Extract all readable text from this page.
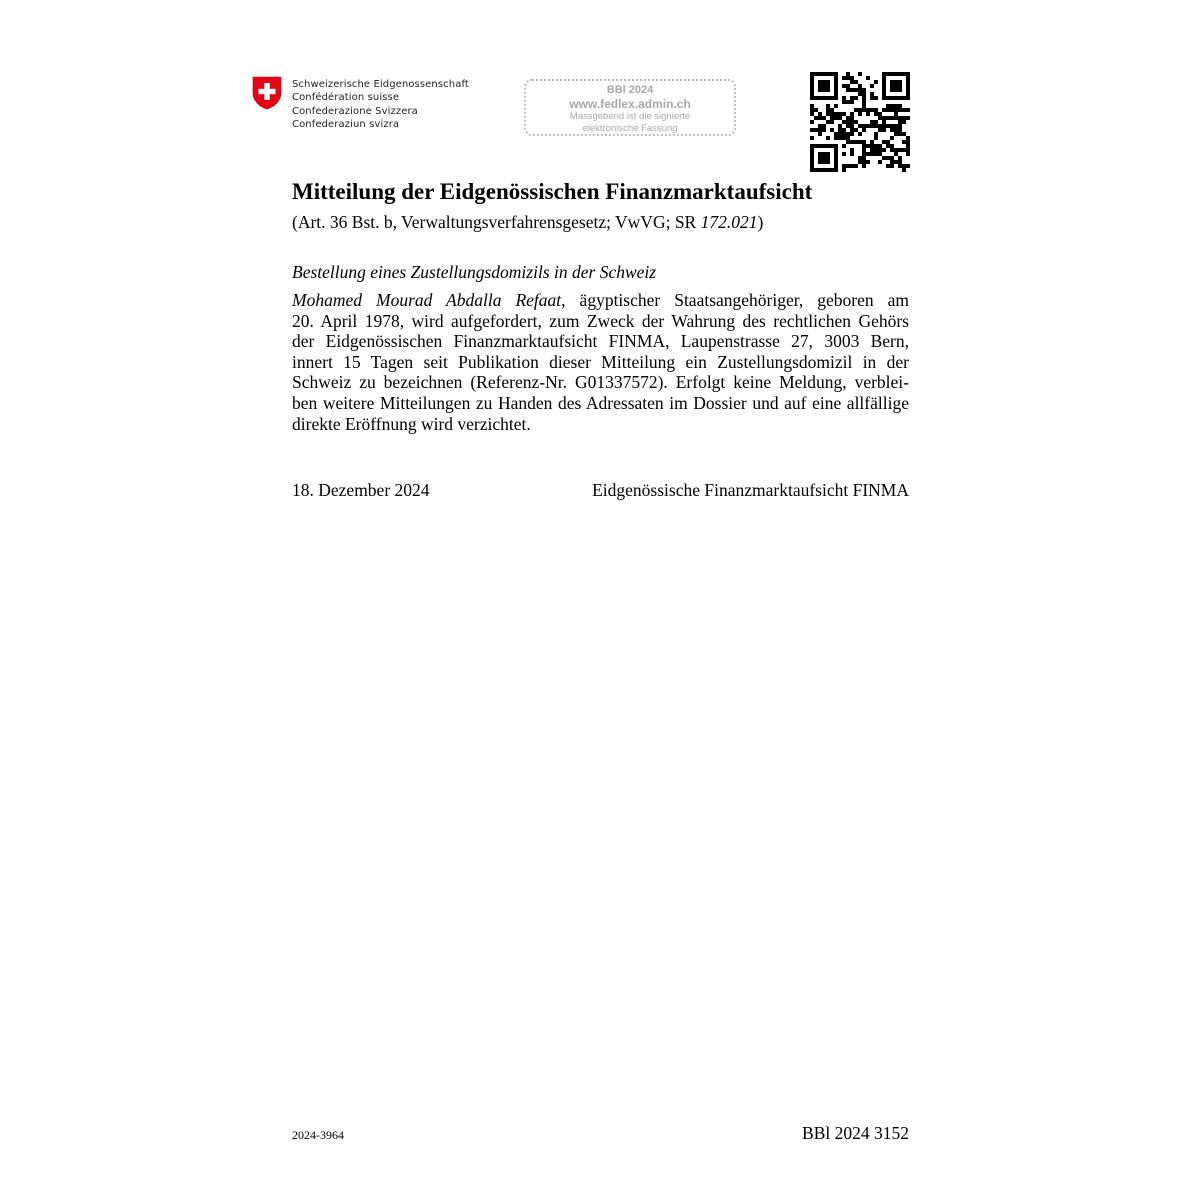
Schweizerische Eidgenossenschaft
Confédération suisse
Confederazione Svizzera
Confederaziun svizra
BBl 2024
www.fedlex.admin.ch
Massgebend ist die signierte
elektronische Fassung
Mitteilung der Eidgenössischen Finanzmarktaufsicht
(Art. 36 Bst. b, Verwaltungsverfahrensgesetz; VwVG; SR 172.021)
Bestellung eines Zustellungsdomizils in der Schweiz
Mohamed Mourad Abdalla Refaat, ägyptischer Staatsangehöriger, geboren am
20. April 1978, wird aufgefordert, zum Zweck der Wahrung des rechtlichen Gehörs
der Eidgenössischen Finanzmarktaufsicht FINMA, Laupenstrasse 27, 3003 Bern,
innert 15 Tagen seit Publikation dieser Mitteilung ein Zustellungsdomizil in der
Schweiz zu bezeichnen (Referenz-Nr. G01337572). Erfolgt keine Meldung, verblei-
ben weitere Mitteilungen zu Handen des Adressaten im Dossier und auf eine allfällige
direkte Eröffnung wird verzichtet.
18. Dezember 2024	Eidgenössische Finanzmarktaufsicht FINMA
2024-3964	BBl 2024 3152
